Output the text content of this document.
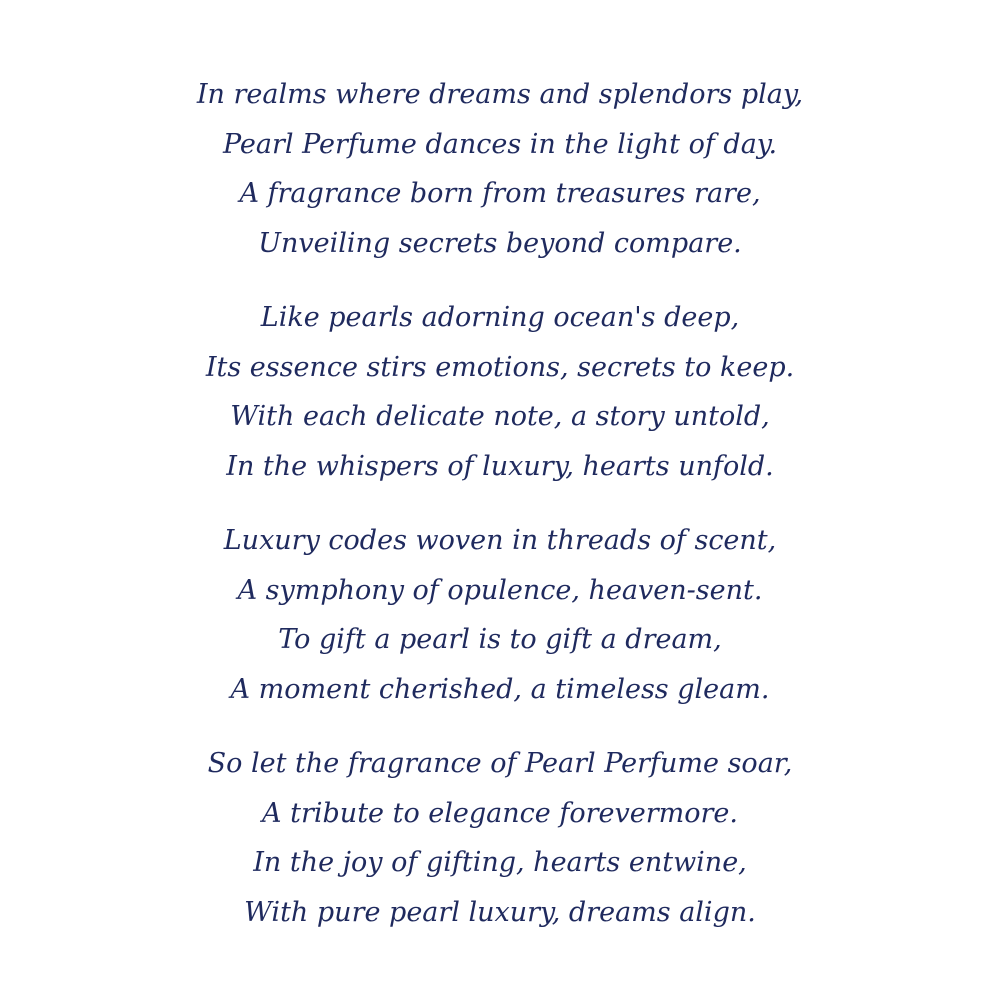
In realms where dreams and splendors play,
Pearl Perfume dances in the light of day.
A fragrance born from treasures rare,
Unveiling secrets beyond compare.
Like pearls adorning ocean's deep,
Its essence stirs emotions, secrets to keep.
With each delicate note, a story untold,
In the whispers of luxury, hearts unfold.
Luxury codes woven in threads of scent,
A symphony of opulence, heaven-sent.
To gift a pearl is to gift a dream,
A moment cherished, a timeless gleam.
So let the fragrance of Pearl Perfume soar,
A tribute to elegance forevermore.
In the joy of gifting, hearts entwine,
With pure pearl luxury, dreams align.
